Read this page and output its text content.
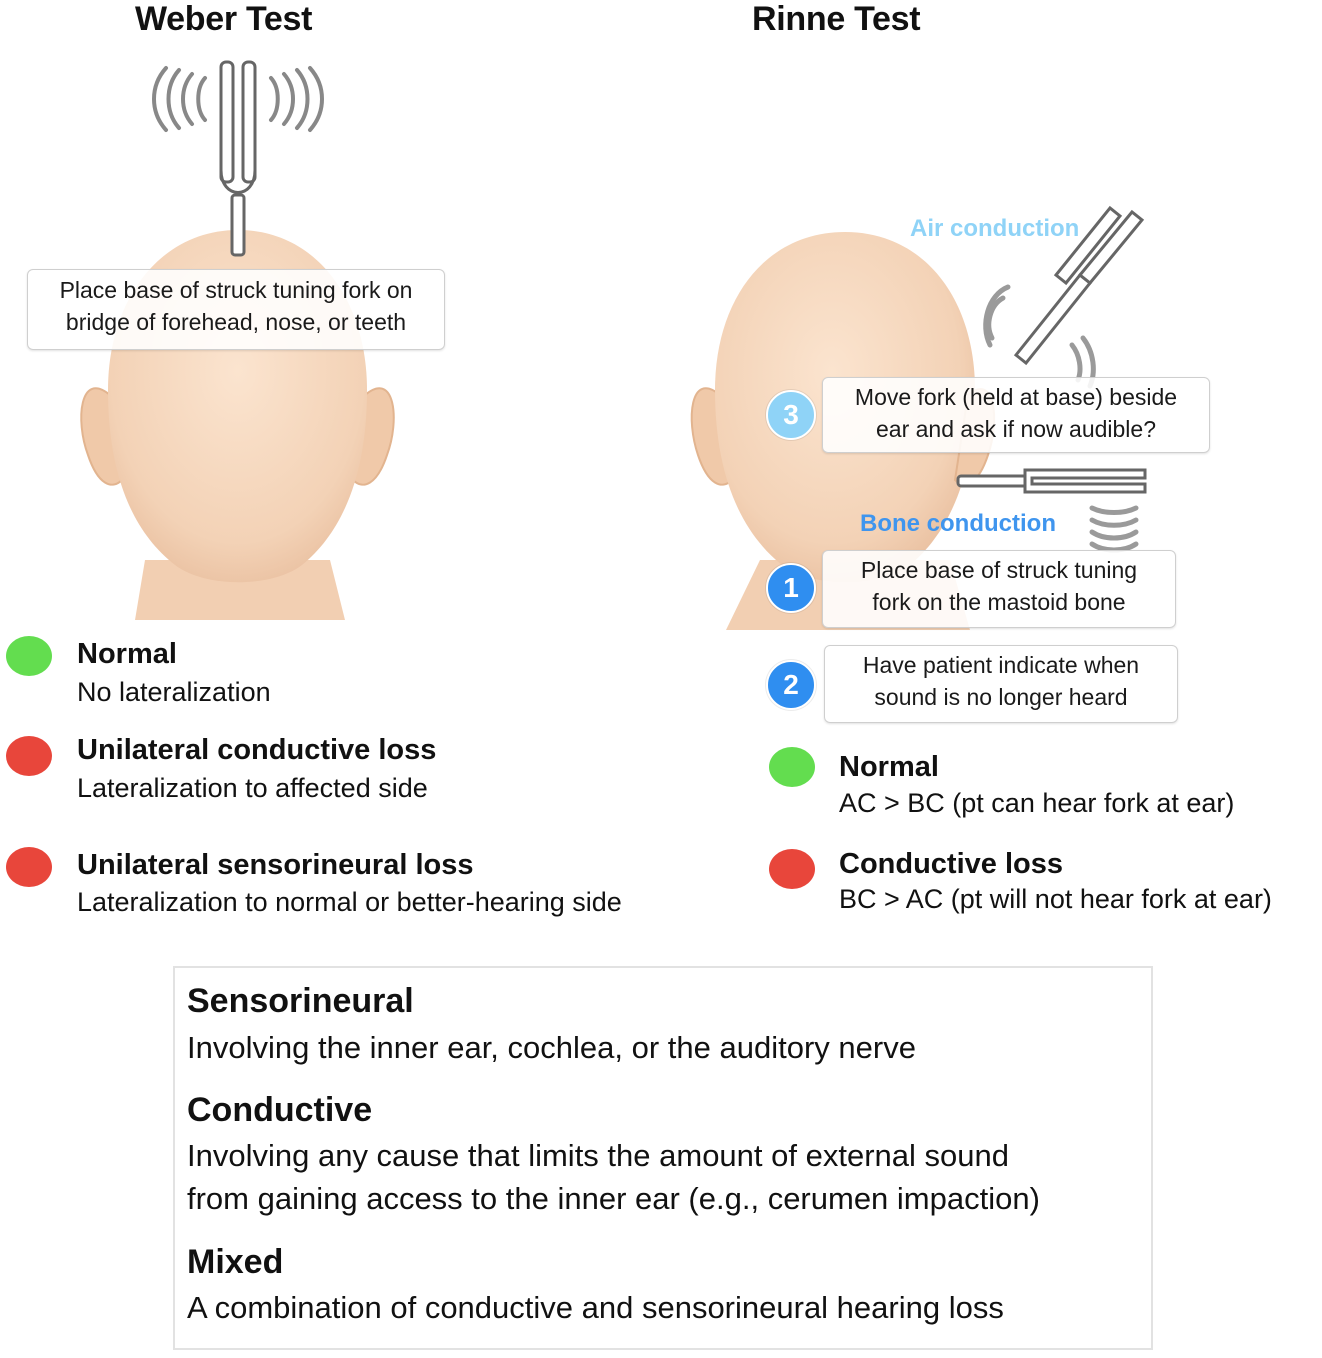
Weber Test
Place base of struck tuning fork on
bridge of forehead, nose, or teeth
Normal
No lateralization
Unilateral conductive loss
Lateralization to affected side
Unilateral sensorineural loss
Lateralization to normal or better-hearing side
Rinne Test
Air conduction
Bone conduction
3
Move fork (held at base) beside
ear and ask if now audible?
1
Place base of struck tuning
fork on the mastoid bone
2
Have patient indicate when
sound is no longer heard
Normal
AC > BC (pt can hear fork at ear)
Conductive loss
BC > AC (pt will not hear fork at ear)
Sensorineural
Involving the inner ear, cochlea, or the auditory nerve
Conductive
Involving any cause that limits the amount of external sound
from gaining access to the inner ear (e.g., cerumen impaction)
Mixed
A combination of conductive and sensorineural hearing loss
